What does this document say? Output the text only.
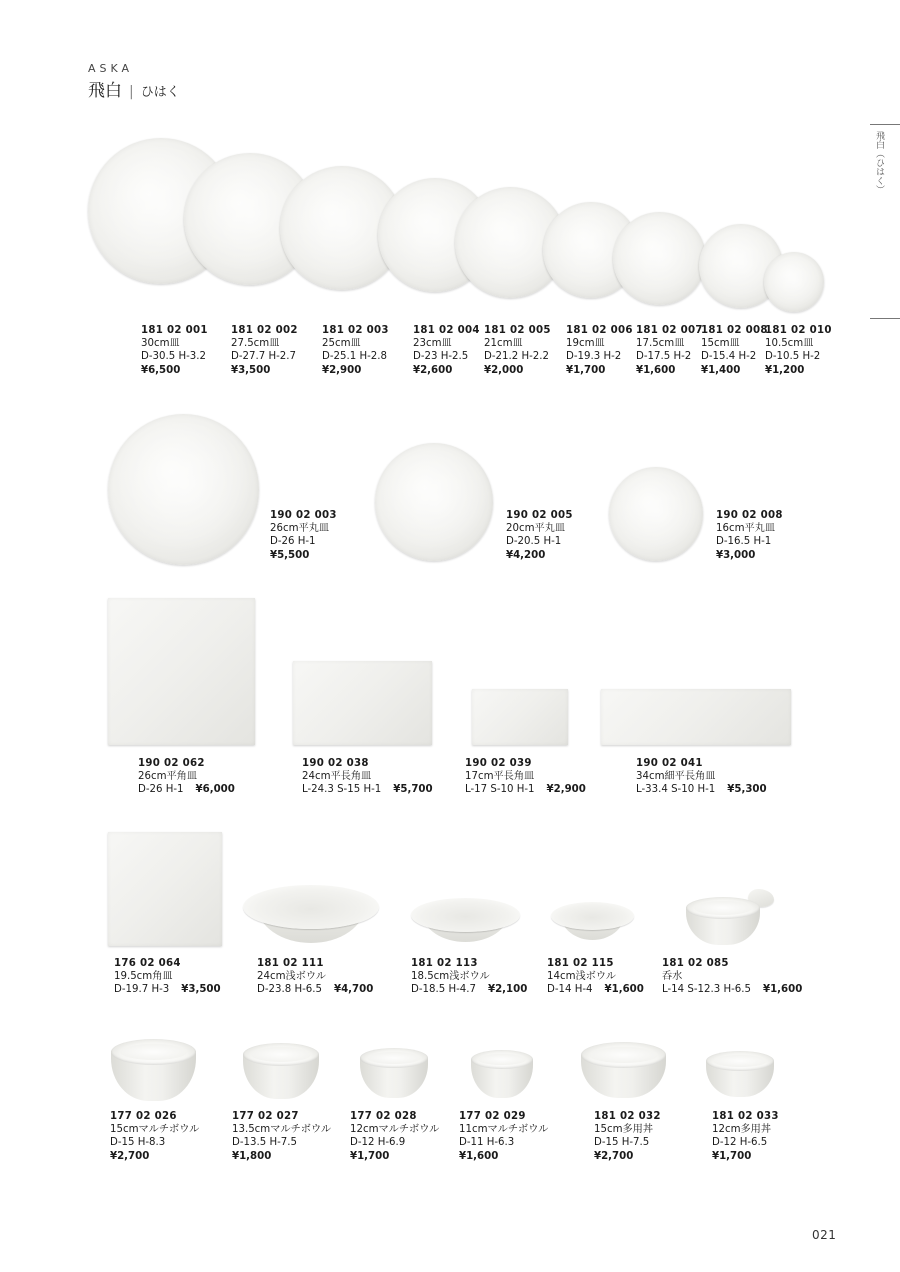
ASKA
飛白 | ひはく
飛白（ひはく）
181 02 001
30cm皿
D-30.5 H-3.2
¥6,500
181 02 002
27.5cm皿
D-27.7 H-2.7
¥3,500
181 02 003
25cm皿
D-25.1 H-2.8
¥2,900
181 02 004
23cm皿
D-23 H-2.5
¥2,600
181 02 005
21cm皿
D-21.2 H-2.2
¥2,000
181 02 006
19cm皿
D-19.3 H-2
¥1,700
181 02 007
17.5cm皿
D-17.5 H-2
¥1,600
181 02 008
15cm皿
D-15.4 H-2
¥1,400
181 02 010
10.5cm皿
D-10.5 H-2
¥1,200
190 02 003
26cm平丸皿
D-26 H-1
¥5,500
190 02 005
20cm平丸皿
D-20.5 H-1
¥4,200
190 02 008
16cm平丸皿
D-16.5 H-1
¥3,000
190 02 062
26cm平角皿
D-26 H-1 ¥6,000
190 02 038
24cm平長角皿
L-24.3 S-15 H-1 ¥5,700
190 02 039
17cm平長角皿
L-17 S-10 H-1 ¥2,900
190 02 041
34cm細平長角皿
L-33.4 S-10 H-1 ¥5,300
176 02 064
19.5cm角皿
D-19.7 H-3 ¥3,500
181 02 111
24cm浅ボウル
D-23.8 H-6.5 ¥4,700
181 02 113
18.5cm浅ボウル
D-18.5 H-4.7 ¥2,100
181 02 115
14cm浅ボウル
D-14 H-4 ¥1,600
181 02 085
呑水
L-14 S-12.3 H-6.5 ¥1,600
177 02 026
15cmマルチボウル
D-15 H-8.3
¥2,700
177 02 027
13.5cmマルチボウル
D-13.5 H-7.5
¥1,800
177 02 028
12cmマルチボウル
D-12 H-6.9
¥1,700
177 02 029
11cmマルチボウル
D-11 H-6.3
¥1,600
181 02 032
15cm多用丼
D-15 H-7.5
¥2,700
181 02 033
12cm多用丼
D-12 H-6.5
¥1,700
021
